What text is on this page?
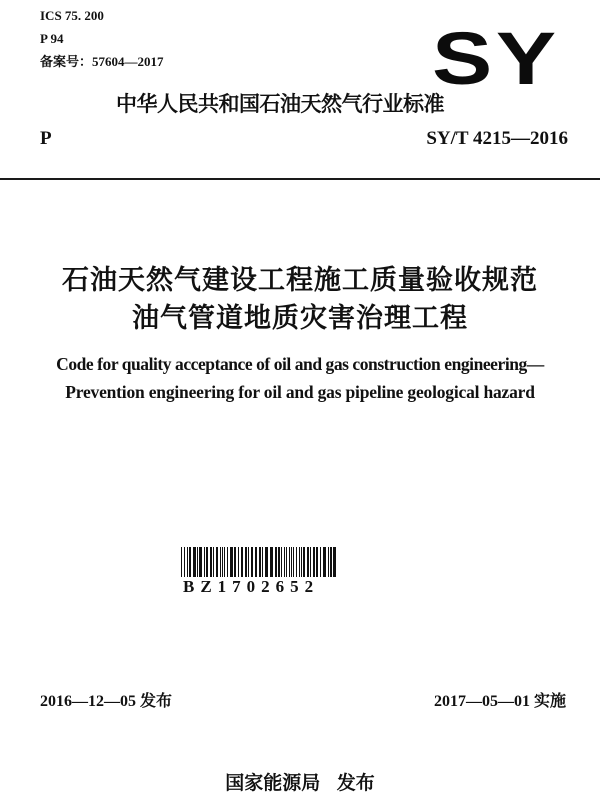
ICS 75. 200
P 94
备案号：57604—2017	SY
中华人民共和国石油天然气行业标准
P	SY/T 4215—2016
石油天然气建设工程施工质量验收规范
油气管道地质灾害治理工程
Code for quality acceptance of oil and gas construction engineering—
Prevention engineering for oil and gas pipeline geological hazard
BZ1702652
2016—12—05 发布	2017—05—01 实施
国家能源局 发布
